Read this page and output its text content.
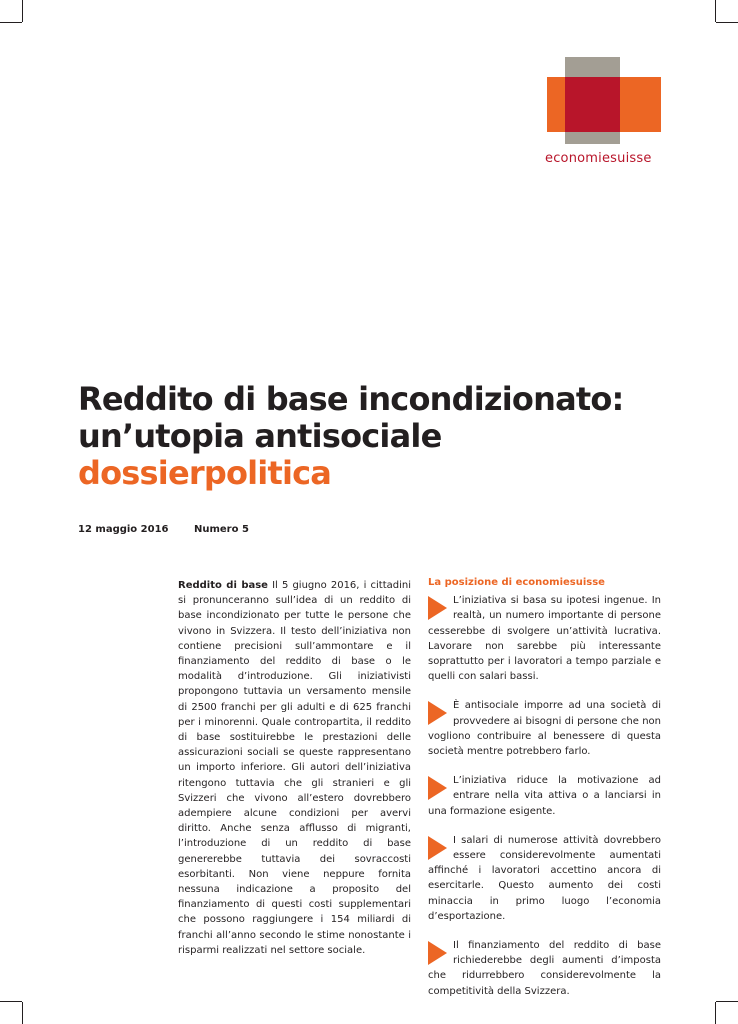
economiesuisse
Reddito di base incondizionato:
un’utopia antisociale
dossierpolitica
12 maggio 2016	Numero 5

Reddito di base Il 5 giugno 2016, i cittadini si pronunceranno sull’idea di un reddito di base incondizionato per tutte le persone che vivono in Svizzera. Il testo dell’iniziativa non contiene precisioni sull’ammontare e il finanziamento del reddito di base o le modalità d’introduzione. Gli iniziativisti propongono tuttavia un versamento mensile di 2500 franchi per gli adulti e di 625 franchi per i minorenni. Quale contropartita, il reddito di base sostituirebbe le prestazioni delle assicurazioni sociali se queste rappresentano un importo inferiore. Gli autori dell’iniziativa ritengono tuttavia che gli stranieri e gli Svizzeri che vivono all’estero dovrebbero adempiere alcune condizioni per avervi diritto. Anche senza afflusso di migranti, l’introduzione di un reddito di base genererebbe tuttavia dei sovraccosti esorbitanti. Non viene neppure fornita nessuna indicazione a proposito del finanziamento di questi costi supplementari che possono raggiungere i 154 miliardi di franchi all’anno secondo le stime nonostante i risparmi realizzati nel settore sociale.

La posizione di economiesuisse

L’iniziativa si basa su ipotesi ingenue. In realtà, un numero importante di persone cesserebbe di svolgere un’attività lucrativa. Lavorare non sarebbe più interessante soprattutto per i lavoratori a tempo parziale e quelli con salari bassi.

È antisociale imporre ad una società di provvedere ai bisogni di persone che non vogliono contribuire al benessere di questa società mentre potrebbero farlo.

L’iniziativa riduce la motivazione ad entrare nella vita attiva o a lanciarsi in una formazione esigente.

I salari di numerose attività dovrebbero essere considerevolmente aumentati affinché i lavoratori accettino ancora di esercitarle. Questo aumento dei costi minaccia in primo luogo l’economia d’esportazione.

Il finanziamento del reddito di base richiederebbe degli aumenti d’imposta che ridurrebbero considerevolmente la competitività della Svizzera.
